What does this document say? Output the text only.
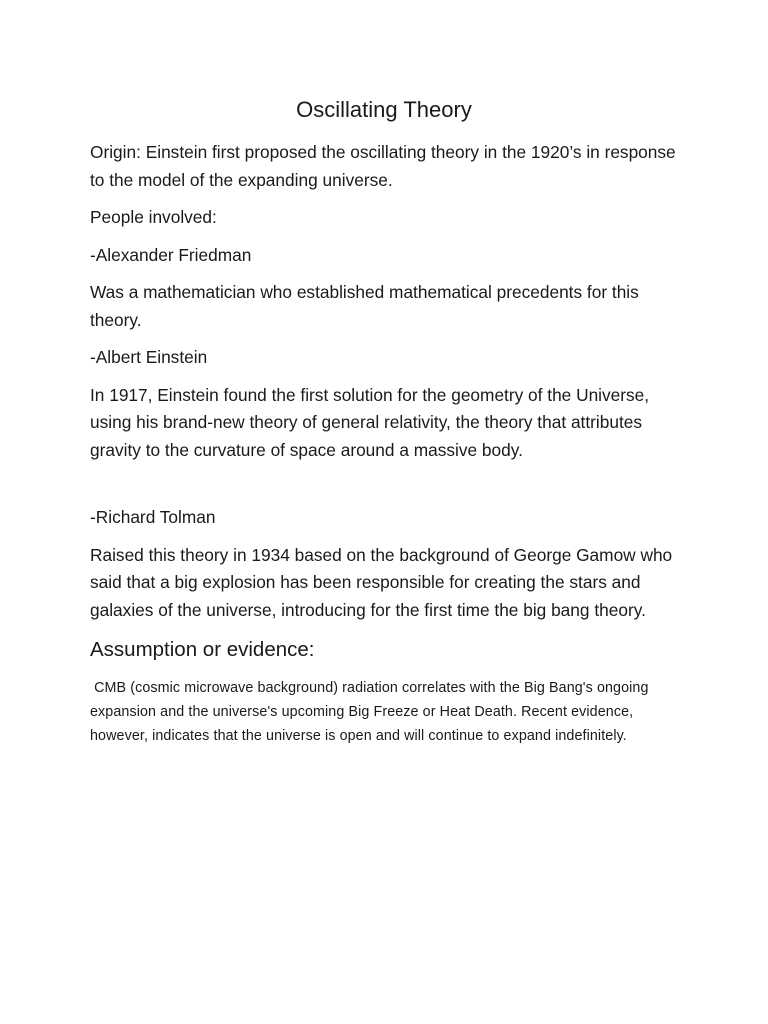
Oscillating Theory

Origin: Einstein first proposed the oscillating theory in the 1920’s in response to the model of the expanding universe.

People involved:

-Alexander Friedman

Was a mathematician who established mathematical precedents for this theory.

-Albert Einstein

In 1917, Einstein found the first solution for the geometry of the Universe, using his brand-new theory of general relativity, the theory that attributes gravity to the curvature of space around a massive body.

-Richard Tolman

Raised this theory in 1934 based on the background of George Gamow who said that a big explosion has been responsible for creating the stars and galaxies of the universe, introducing for the first time the big bang theory.

Assumption or evidence:

CMB (cosmic microwave background) radiation correlates with the Big Bang's ongoing expansion and the universe's upcoming Big Freeze or Heat Death. Recent evidence, however, indicates that the universe is open and will continue to expand indefinitely.
